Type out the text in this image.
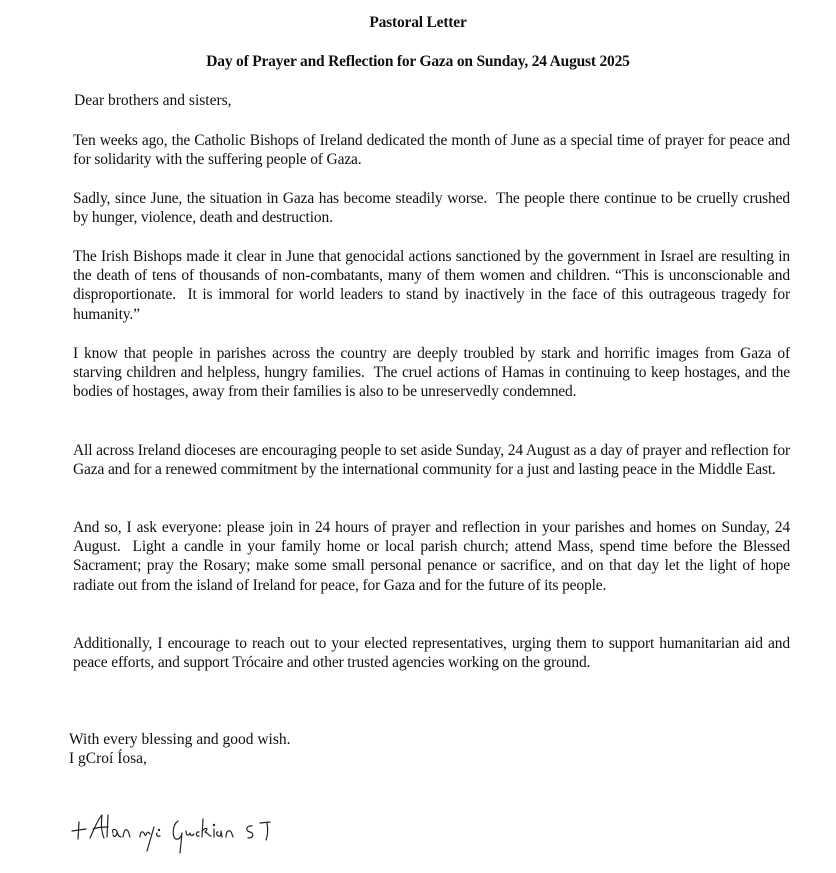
Pastoral Letter
Day of Prayer and Reflection for Gaza on Sunday, 24 August 2025
Dear brothers and sisters,

Ten weeks ago, the Catholic Bishops of Ireland dedicated the month of June as a special time of prayer for peace and for solidarity with the suffering people of Gaza.

Sadly, since June, the situation in Gaza has become steadily worse.  The people there continue to be cruelly crushed by hunger, violence, death and destruction.

The Irish Bishops made it clear in June that genocidal actions sanctioned by the government in Israel are resulting in the death of tens of thousands of non-combatants, many of them women and children. “This is unconscionable and disproportionate.  It is immoral for world leaders to stand by inactively in the face of this outrageous tragedy for humanity.”

I know that people in parishes across the country are deeply troubled by stark and horrific images from Gaza of starving children and helpless, hungry families.  The cruel actions of Hamas in continuing to keep hostages, and the bodies of hostages, away from their families is also to be unreservedly condemned.

All across Ireland dioceses are encouraging people to set aside Sunday, 24 August as a day of prayer and reflection for Gaza and for a renewed commitment by the international community for a just and lasting peace in the Middle East.

And so, I ask everyone: please join in 24 hours of prayer and reflection in your parishes and homes on Sunday, 24 August.  Light a candle in your family home or local parish church; attend Mass, spend time before the Blessed Sacrament; pray the Rosary; make some small personal penance or sacrifice, and on that day let the light of hope radiate out from the island of Ireland for peace, for Gaza and for the future of its people.

Additionally, I encourage to reach out to your elected representatives, urging them to support humanitarian aid and peace efforts, and support Trócaire and other trusted agencies working on the ground.

With every blessing and good wish.
I gCroí Íosa,
